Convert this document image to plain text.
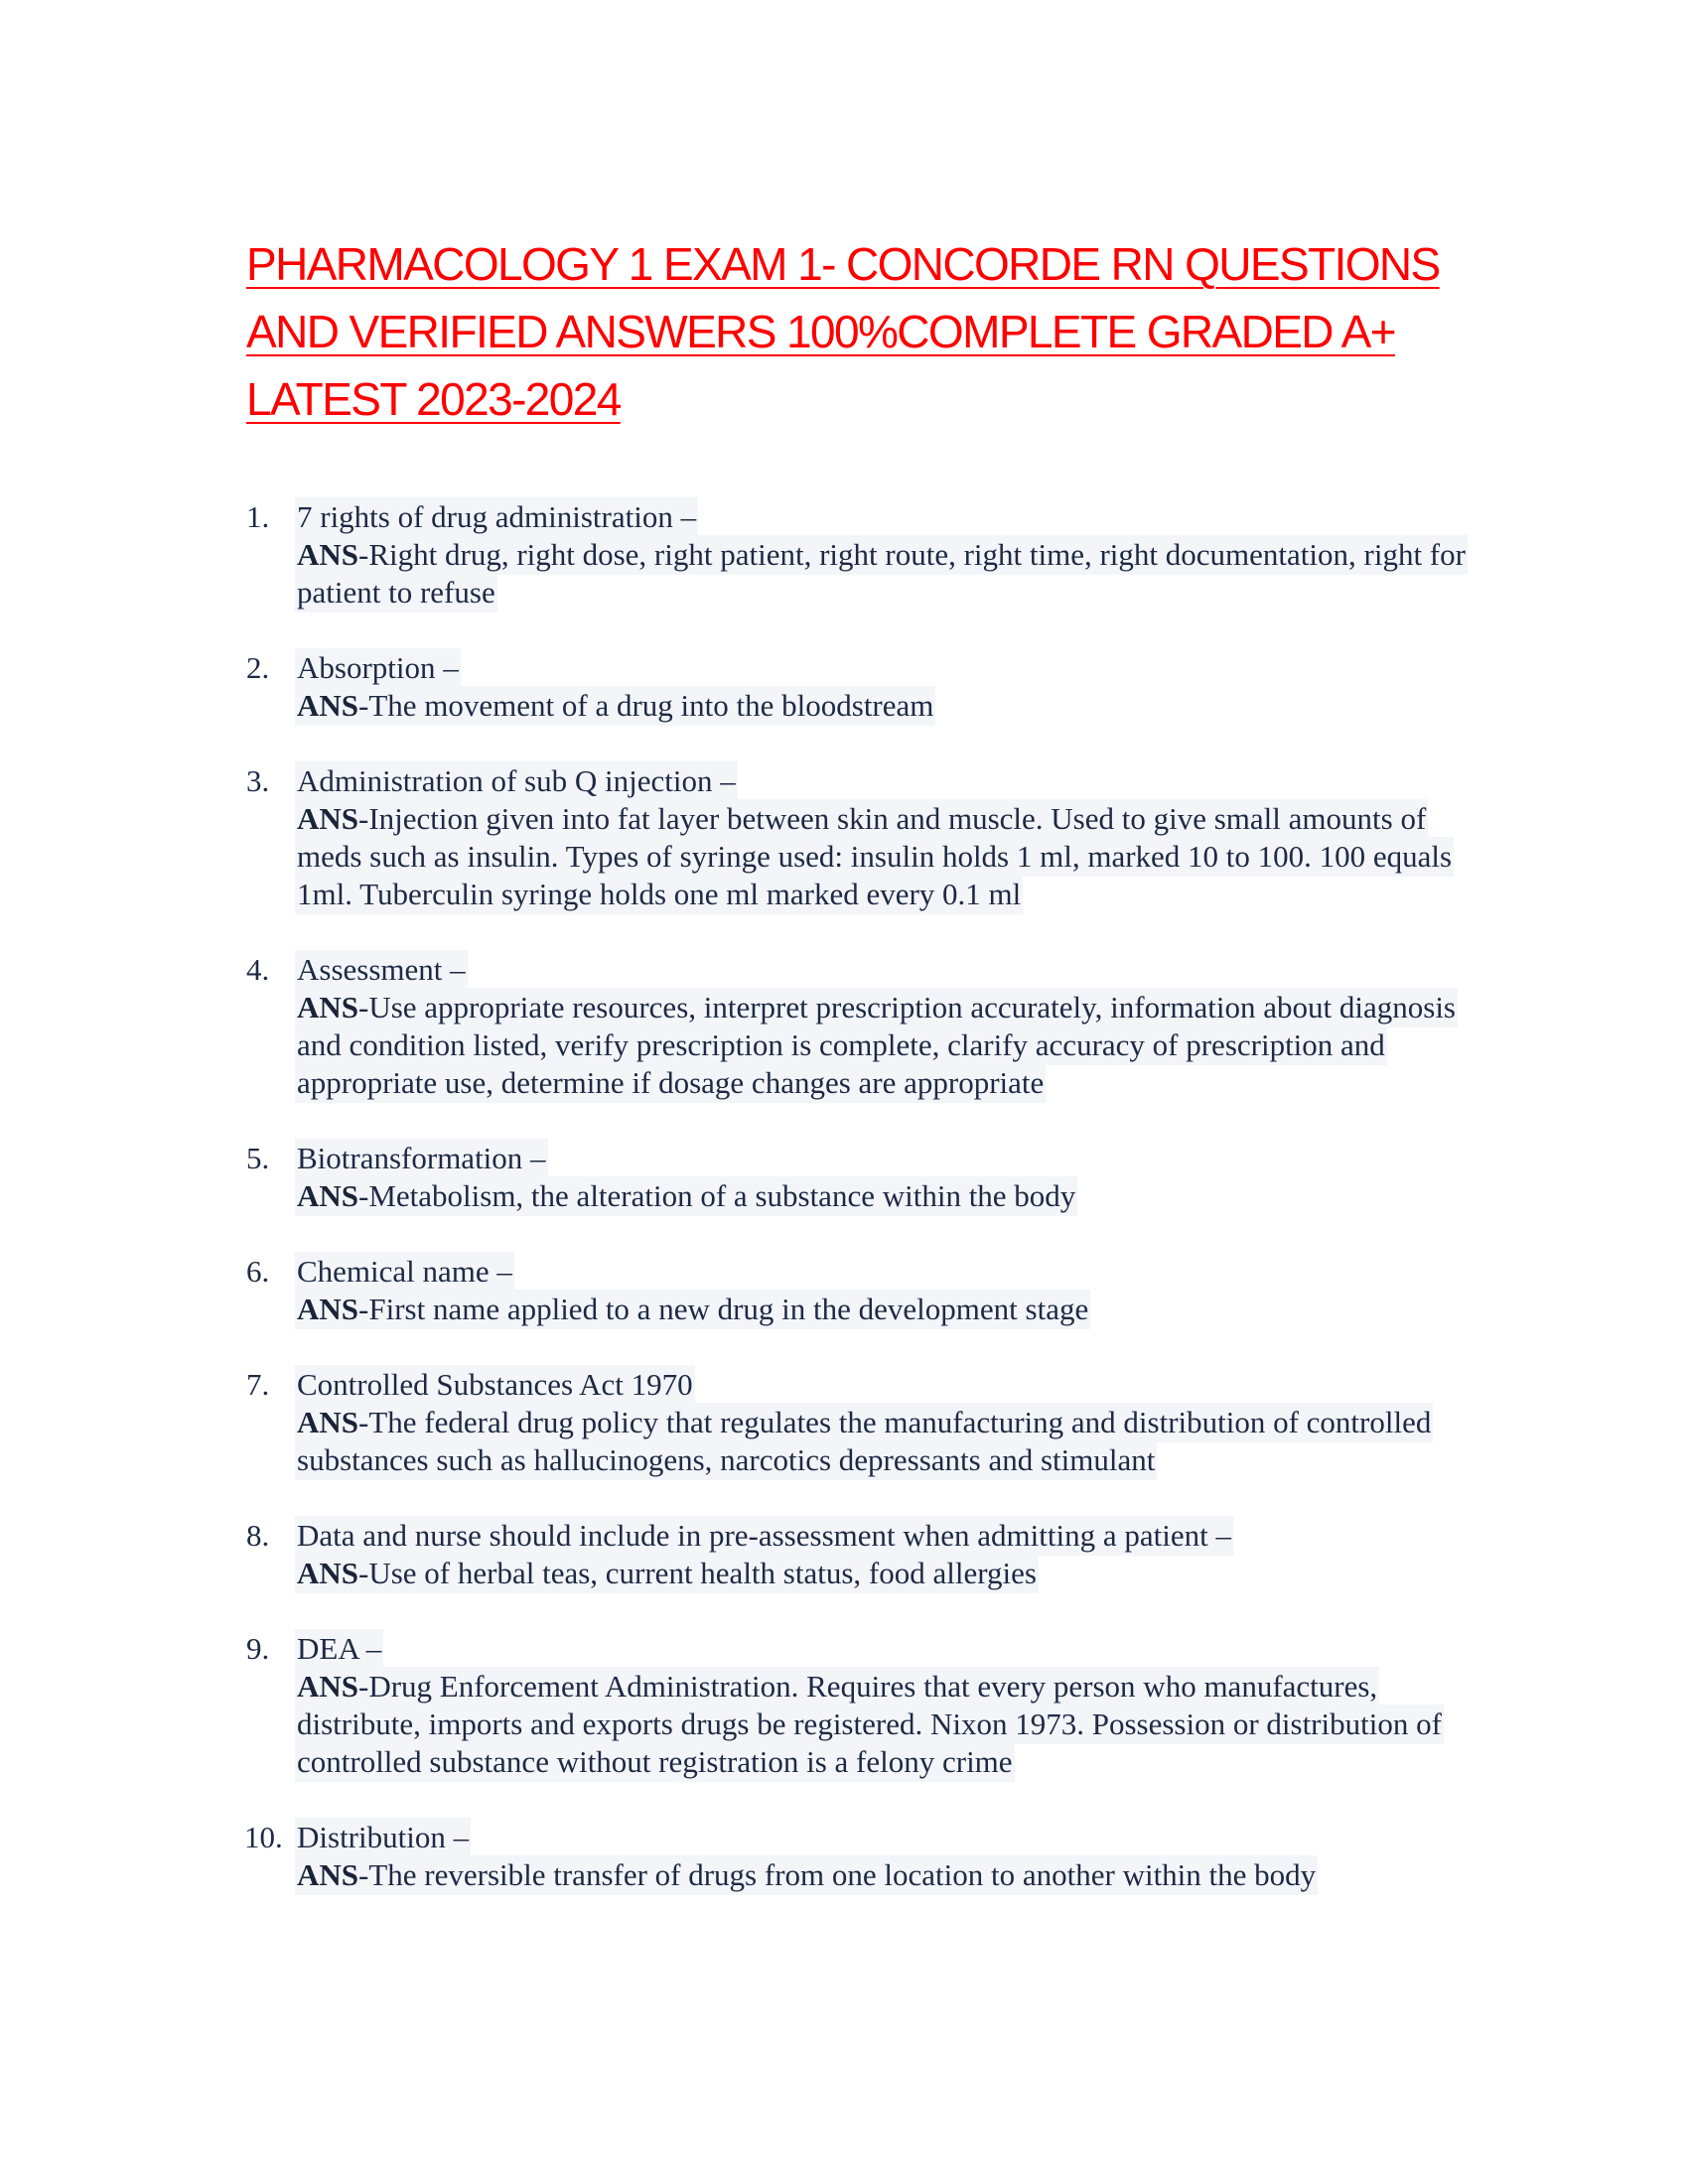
PHARMACOLOGY 1 EXAM 1- CONCORDE RN QUESTIONS AND VERIFIED ANSWERS 100%COMPLETE GRADED A+ LATEST 2023-2024
1. 7 rights of drug administration –
ANS-Right drug, right dose, right patient, right route, right time, right documentation, right for patient to refuse
2. Absorption –
ANS-The movement of a drug into the bloodstream
3. Administration of sub Q injection –
ANS-Injection given into fat layer between skin and muscle. Used to give small amounts of meds such as insulin. Types of syringe used: insulin holds 1 ml, marked 10 to 100. 100 equals 1ml. Tuberculin syringe holds one ml marked every 0.1 ml
4. Assessment –
ANS-Use appropriate resources, interpret prescription accurately, information about diagnosis and condition listed, verify prescription is complete, clarify accuracy of prescription and appropriate use, determine if dosage changes are appropriate
5. Biotransformation –
ANS-Metabolism, the alteration of a substance within the body
6. Chemical name –
ANS-First name applied to a new drug in the development stage
7. Controlled Substances Act 1970
ANS-The federal drug policy that regulates the manufacturing and distribution of controlled substances such as hallucinogens, narcotics depressants and stimulant
8. Data and nurse should include in pre-assessment when admitting a patient –
ANS-Use of herbal teas, current health status, food allergies
9. DEA –
ANS-Drug Enforcement Administration. Requires that every person who manufactures, distribute, imports and exports drugs be registered. Nixon 1973. Possession or distribution of controlled substance without registration is a felony crime
10. Distribution –
ANS-The reversible transfer of drugs from one location to another within the body
